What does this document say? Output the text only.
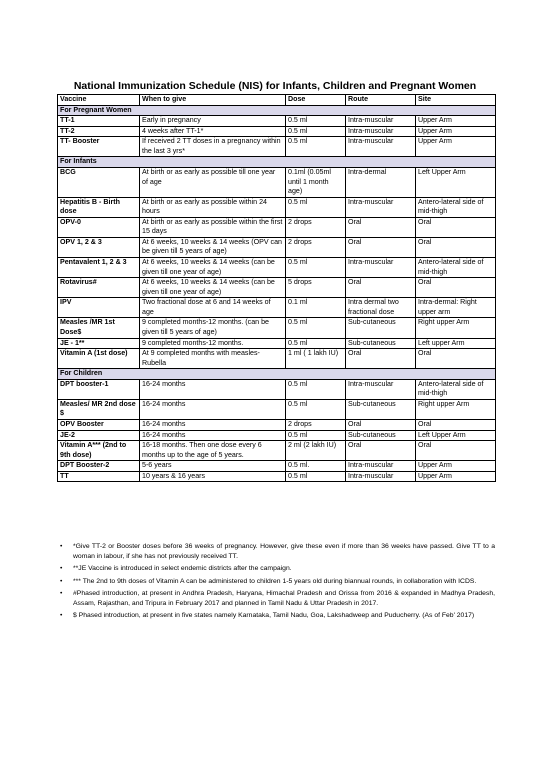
National Immunization Schedule (NIS) for Infants, Children and Pregnant Women
Vaccine	When to give	Dose	Route	Site
For Pregnant Women				
TT-1	Early in pregnancy	0.5 ml	Intra-muscular	Upper Arm
TT-2	4 weeks after TT-1*	0.5 ml	Intra-muscular	Upper Arm
TT- Booster	If received 2 TT doses in a pregnancy within the last 3 yrs*	0.5 ml	Intra-muscular	Upper Arm
For Infants				
BCG	At birth or as early as possible till one year of age	0.1ml (0.05ml until 1 month age)	Intra-dermal	Left Upper Arm
Hepatitis B - Birth dose	At birth or as early as possible within 24 hours	0.5 ml	Intra-muscular	Antero-lateral side of mid-thigh
OPV-0	At birth or as early as possible within the first 15 days	2 drops	Oral	Oral
OPV 1, 2 & 3	At 6 weeks, 10 weeks & 14 weeks (OPV can be given till 5 years of age)	2 drops	Oral	Oral
Pentavalent 1, 2 & 3	At 6 weeks, 10 weeks & 14 weeks (can be given till one year of age)	0.5 ml	Intra-muscular	Antero-lateral side of mid-thigh
Rotavirus#	At 6 weeks, 10 weeks & 14 weeks (can be given till one year of age)	5 drops	Oral	Oral
IPV	Two fractional dose at 6 and 14 weeks of age	0.1 ml	Intra dermal two fractional dose	Intra-dermal: Right upper arm
Measles /MR 1st Dose$	9 completed months-12 months. (can be given till 5 years of age)	0.5 ml	Sub-cutaneous	Right upper Arm
JE - 1**	9 completed months-12 months.	0.5 ml	Sub-cutaneous	Left upper Arm
Vitamin A (1st dose)	At 9 completed months with measles- Rubella	1 ml ( 1 lakh IU)	Oral	Oral
For Children				
DPT booster-1	16-24 months	0.5 ml	Intra-muscular	Antero-lateral side of mid-thigh
Measles/ MR 2nd dose $	16-24 months	0.5 ml	Sub-cutaneous	Right upper Arm
OPV Booster	16-24 months	2 drops	Oral	Oral
JE-2	16-24 months	0.5 ml	Sub-cutaneous	Left Upper Arm
Vitamin A*** (2nd to 9th dose)	16-18 months. Then one dose every 6 months up to the age of 5 years.	2 ml (2 lakh IU)	Oral	Oral
DPT Booster-2	5-6 years	0.5 ml.	Intra-muscular	Upper Arm
TT	10 years & 16 years	0.5 ml	Intra-muscular	Upper Arm
• *Give TT-2 or Booster doses before 36 weeks of pregnancy. However, give these even if more than 36 weeks have passed. Give TT to a woman in labour, if she has not previously received TT.
• **JE Vaccine is introduced in select endemic districts after the campaign.
• *** The 2nd to 9th doses of Vitamin A can be administered to children 1-5 years old during biannual rounds, in collaboration with ICDS.
• #Phased introduction, at present in Andhra Pradesh, Haryana, Himachal Pradesh and Orissa from 2016 & expanded in Madhya Pradesh, Assam, Rajasthan, and Tripura in February 2017 and planned in Tamil Nadu & Uttar Pradesh in 2017.
• $ Phased introduction, at present in five states namely Karnataka, Tamil Nadu, Goa, Lakshadweep and Puducherry. (As of Feb' 2017)
